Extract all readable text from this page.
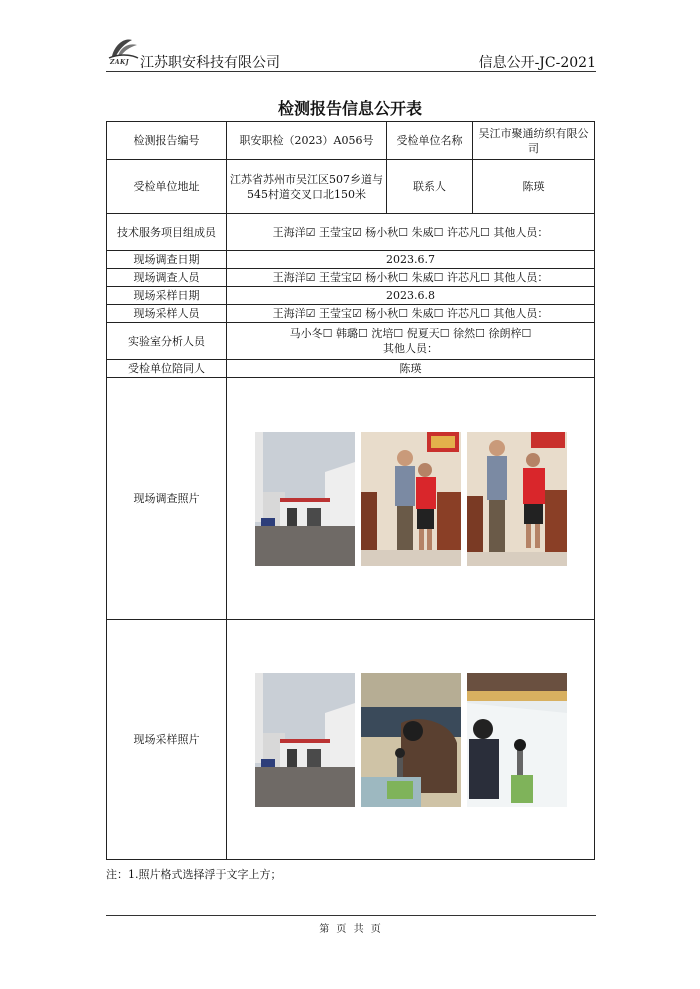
ZAKJ 江苏职安科技有限公司	信息公开-JC-2021
检测报告信息公开表
检测报告编号	职安职检（2023）A056号	受检单位名称	吴江市聚通纺织有限公司
受检单位地址	江苏省苏州市吴江区507乡道与545村道交叉口北150米	联系人	陈瑛
技术服务项目组成员	王海洋☑ 王莹宝☑ 杨小秋☐ 朱威☐ 许芯凡☐ 其他人员：		
现场调查日期	2023.6.7		
现场调查人员	王海洋☑ 王莹宝☑ 杨小秋☐ 朱威☐ 许芯凡☐ 其他人员：		
现场采样日期	2023.6.8		
现场采样人员	王海洋☑ 王莹宝☑ 杨小秋☐ 朱威☐ 许芯凡☐ 其他人员：		
实验室分析人员	马小冬☐ 韩璐☐ 沈培☐ 倪夏天☐ 徐然☐ 徐朗梓☐
其他人员：		

受检单位陪同人	陈瑛		
现场调查照片	

现场采样照片	
注：1.照片格式选择浮于文字上方；
第 页 共 页
